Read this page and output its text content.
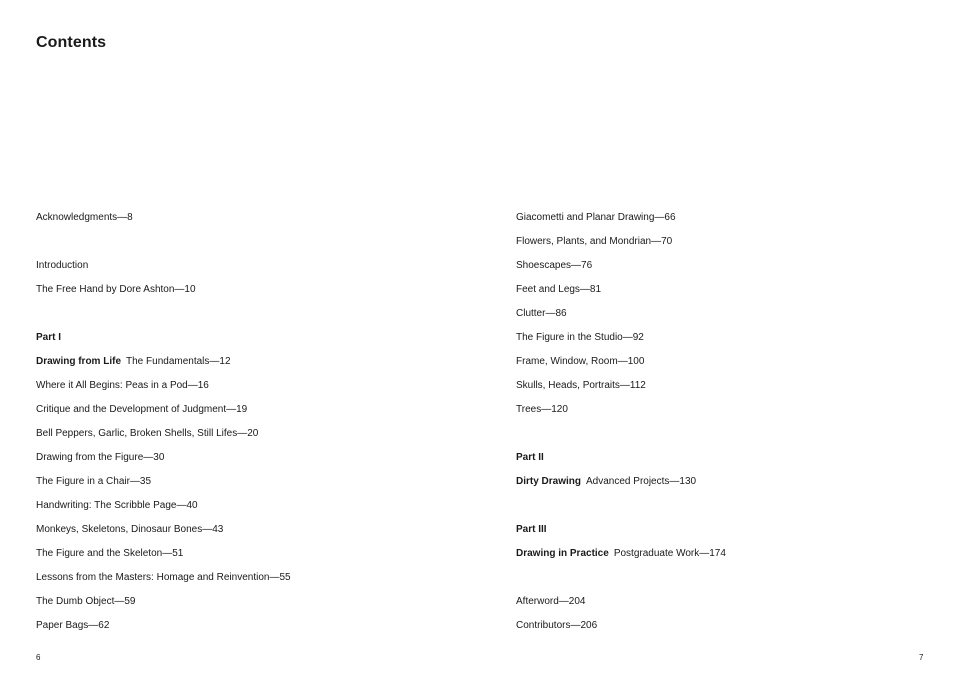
Contents
Acknowledgments—8
Introduction
The Free Hand by Dore Ashton—10
Part I
Drawing from Life The Fundamentals—12
Where it All Begins: Peas in a Pod—16
Critique and the Development of Judgment—19
Bell Peppers, Garlic, Broken Shells, Still Lifes—20
Drawing from the Figure—30
The Figure in a Chair—35
Handwriting: The Scribble Page—40
Monkeys, Skeletons, Dinosaur Bones—43
The Figure and the Skeleton—51
Lessons from the Masters: Homage and Reinvention—55
The Dumb Object—59
Paper Bags—62
Giacometti and Planar Drawing—66
Flowers, Plants, and Mondrian—70
Shoescapes—76
Feet and Legs—81
Clutter—86
The Figure in the Studio—92
Frame, Window, Room—100
Skulls, Heads, Portraits—112
Trees—120
Part II
Dirty Drawing Advanced Projects—130
Part III
Drawing in Practice Postgraduate Work—174
Afterword—204
Contributors—206
6	7
